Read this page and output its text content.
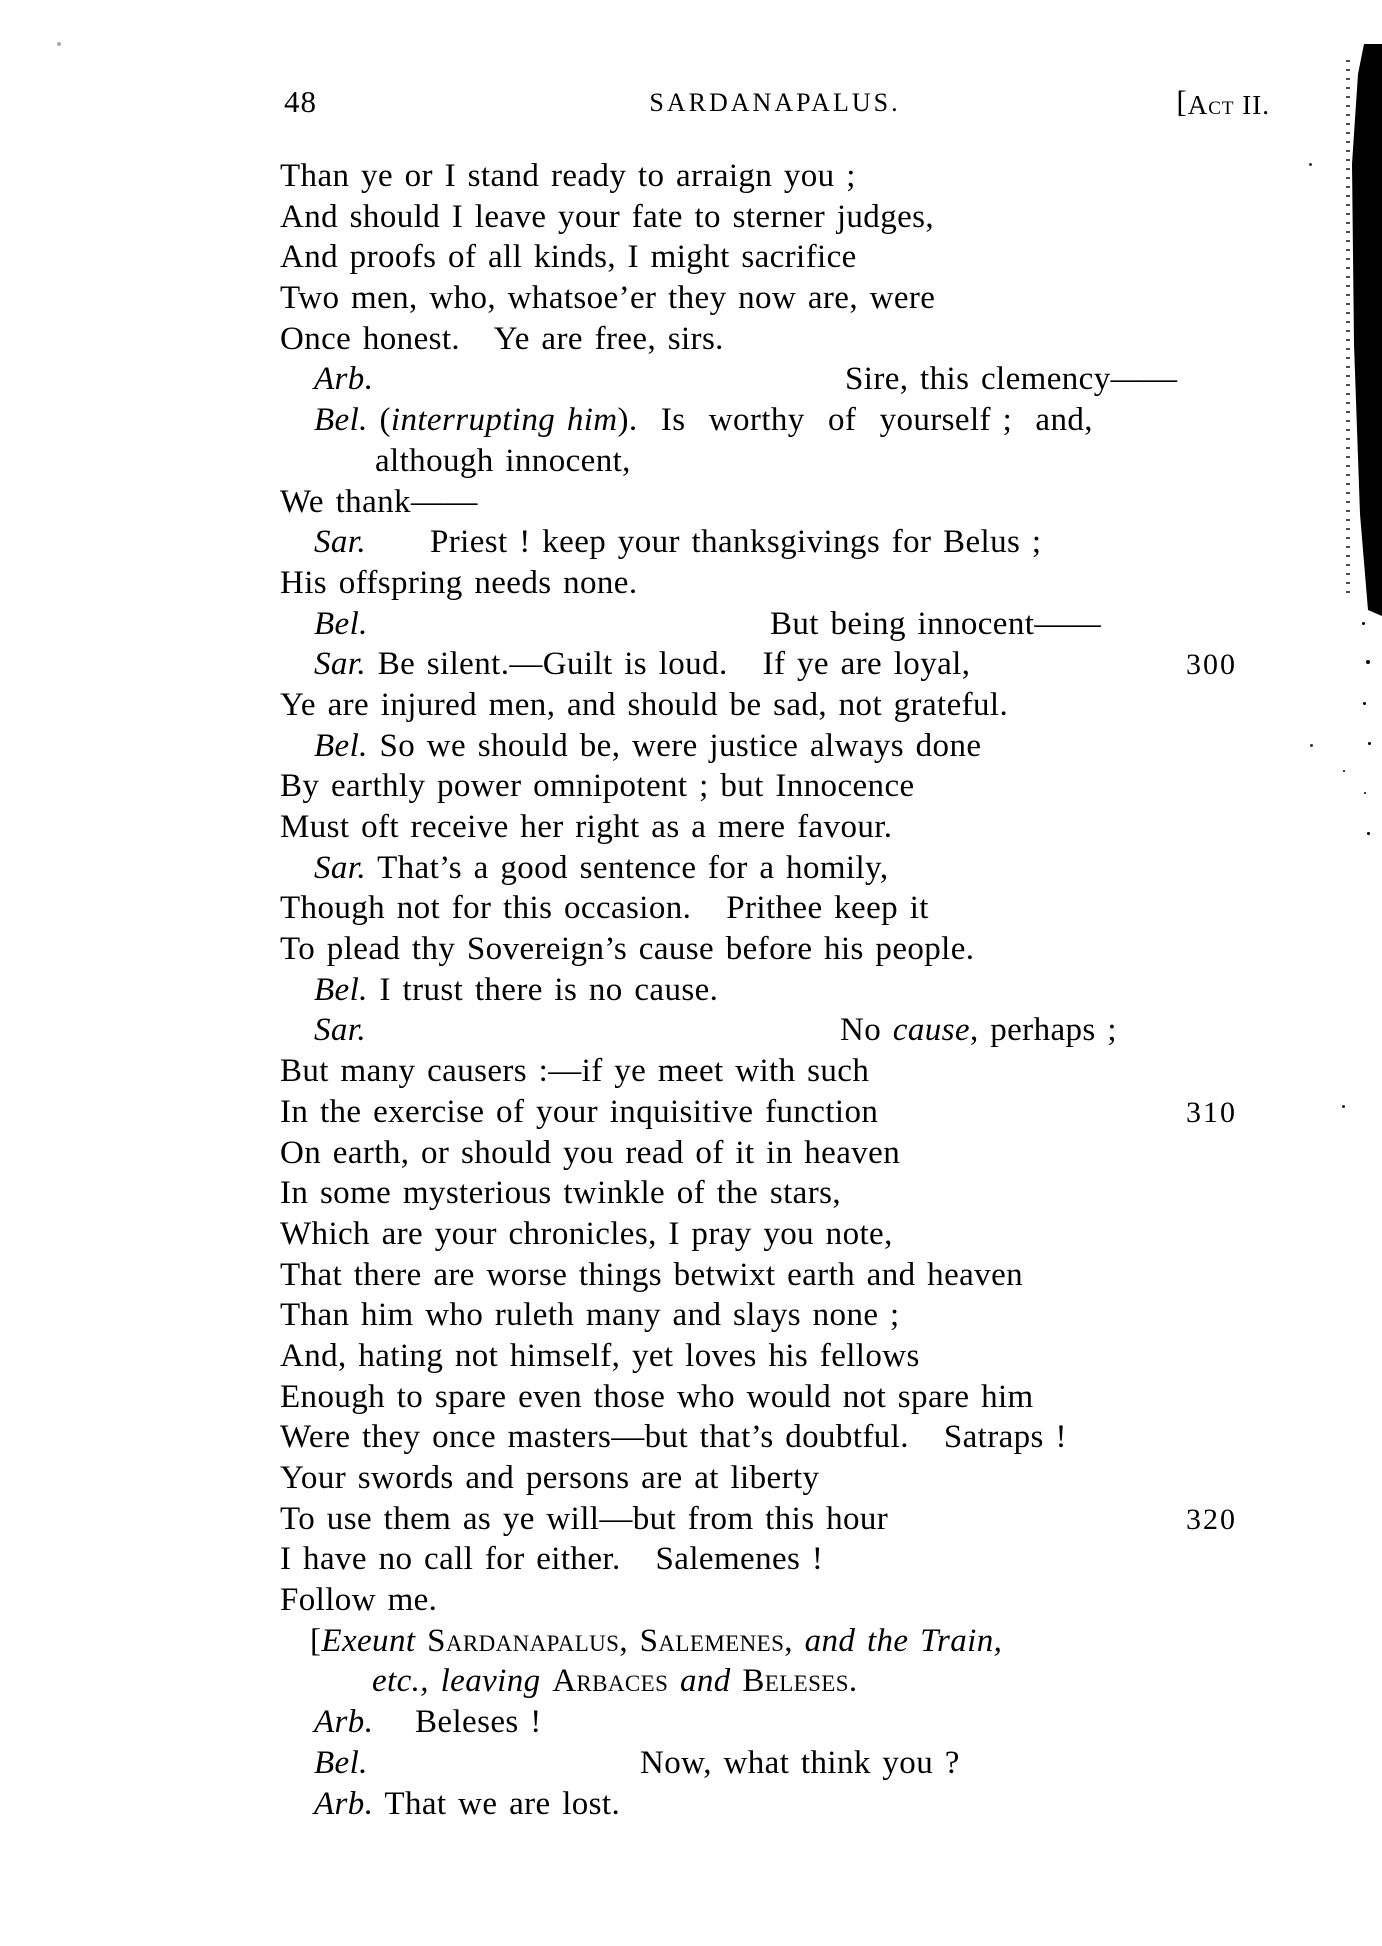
48	SARDANAPALUS.	[Act II.
Than ye or I stand ready to arraign you ;
And should I leave your fate to sterner judges,
And proofs of all kinds, I might sacrifice
Two men, who, whatsoe’er they now are, were
Once honest.   Ye are free, sirs.
Arb.	Sire, this clemency——
Bel. (interrupting him).  Is  worthy  of  yourself ;  and,
although innocent,
We thank——
Sar. Priest ! keep your thanksgivings for Belus ;
His offspring needs none.
Bel.	But being innocent——
Sar. Be silent.—Guilt is loud.   If ye are loyal,	300
Ye are injured men, and should be sad, not grateful.
Bel. So we should be, were justice always done
By earthly power omnipotent ; but Innocence
Must oft receive her right as a mere favour.
Sar. That’s a good sentence for a homily,
Though not for this occasion.   Prithee keep it
To plead thy Sovereign’s cause before his people.
Bel. I trust there is no cause.
Sar.	No cause, perhaps ;
But many causers :—if ye meet with such
In the exercise of your inquisitive function	310
On earth, or should you read of it in heaven
In some mysterious twinkle of the stars,
Which are your chronicles, I pray you note,
That there are worse things betwixt earth and heaven
Than him who ruleth many and slays none ;
And, hating not himself, yet loves his fellows
Enough to spare even those who would not spare him
Were they once masters—but that’s doubtful.   Satraps !
Your swords and persons are at liberty
To use them as ye will—but from this hour	320
I have no call for either.   Salemenes !
Follow me.
[Exeunt Sardanapalus, Salemenes, and the Train,
etc., leaving Arbaces and Beleses.
Arb. Beleses !
Bel.	Now, what think you ?
Arb. That we are lost.
